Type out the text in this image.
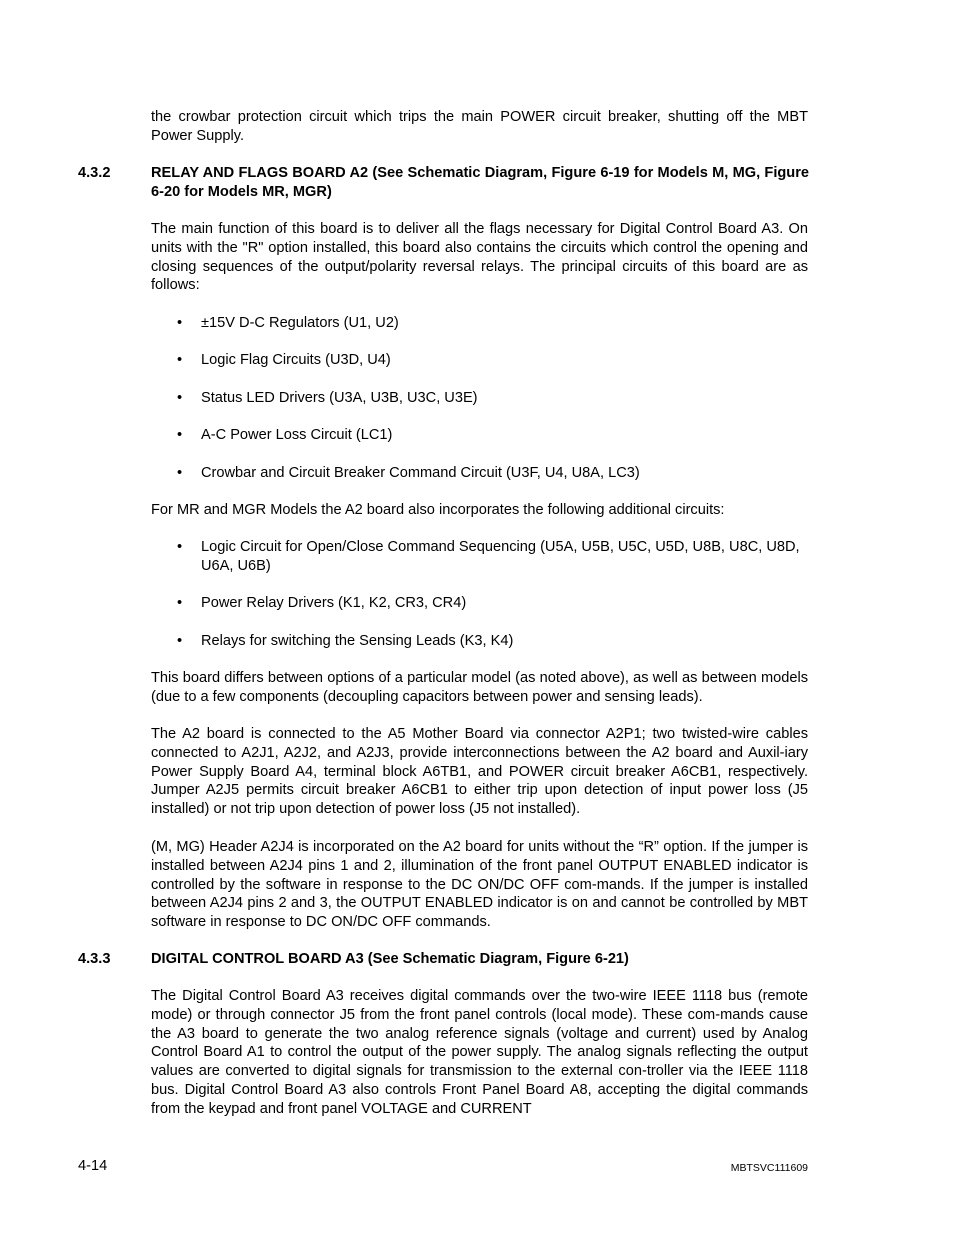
the crowbar protection circuit which trips the main POWER circuit breaker, shutting off the MBT Power Supply.

4.3.2	RELAY AND FLAGS BOARD A2 (See Schematic Diagram, Figure 6-19 for Models M, MG, Figure 6-20 for Models MR, MGR)

The main function of this board is to deliver all the flags necessary for Digital Control Board A3. On units with the "R" option installed, this board also contains the circuits which control the opening and closing sequences of the output/polarity reversal relays. The principal circuits of this board are as follows:

• ±15V D-C Regulators (U1, U2)
• Logic Flag Circuits (U3D, U4)
• Status LED Drivers (U3A, U3B, U3C, U3E)
• A-C Power Loss Circuit (LC1)
• Crowbar and Circuit Breaker Command Circuit (U3F, U4, U8A, LC3)

For MR and MGR Models the A2 board also incorporates the following additional circuits:

• Logic Circuit for Open/Close Command Sequencing (U5A, U5B, U5C, U5D, U8B, U8C, U8D, U6A, U6B)
• Power Relay Drivers (K1, K2, CR3, CR4)
• Relays for switching the Sensing Leads (K3, K4)

This board differs between options of a particular model (as noted above), as well as between models (due to a few components (decoupling capacitors between power and sensing leads).

The A2 board is connected to the A5 Mother Board via connector A2P1; two twisted-wire cables connected to A2J1, A2J2, and A2J3, provide interconnections between the A2 board and Auxil-iary Power Supply Board A4, terminal block A6TB1, and POWER circuit breaker A6CB1, respectively. Jumper A2J5 permits circuit breaker A6CB1 to either trip upon detection of input power loss (J5 installed) or not trip upon detection of power loss (J5 not installed).

(M, MG) Header A2J4 is incorporated on the A2 board for units without the “R” option. If the jumper is installed between A2J4 pins 1 and 2, illumination of the front panel OUTPUT ENABLED indicator is controlled by the software in response to the DC ON/DC OFF com-mands. If the jumper is installed between A2J4 pins 2 and 3, the OUTPUT ENABLED indicator is on and cannot be controlled by MBT software in response to DC ON/DC OFF commands.

4.3.3	DIGITAL CONTROL BOARD A3 (See Schematic Diagram, Figure 6-21)

The Digital Control Board A3 receives digital commands over the two-wire IEEE 1118 bus (remote mode) or through connector J5 from the front panel controls (local mode). These com-mands cause the A3 board to generate the two analog reference signals (voltage and current) used by Analog Control Board A1 to control the output of the power supply. The analog signals reflecting the output values are converted to digital signals for transmission to the external con-troller via the IEEE 1118 bus. Digital Control Board A3 also controls Front Panel Board A8, accepting the digital commands from the keypad and front panel VOLTAGE and CURRENT

4-14	MBTSVC111609
